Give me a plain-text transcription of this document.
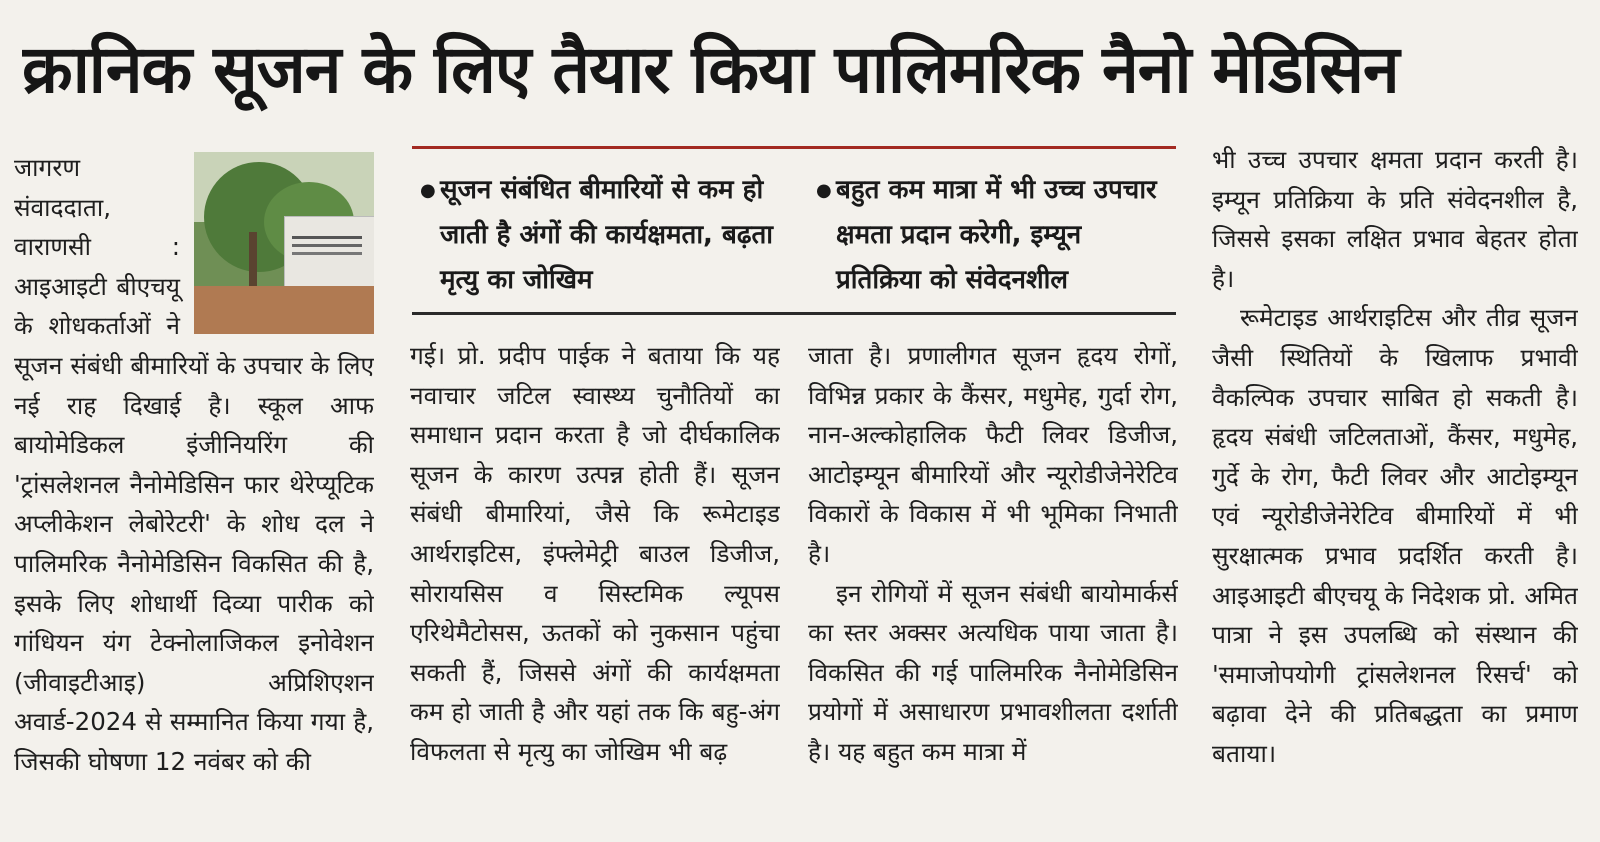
क्रानिक सूजन के लिए तैयार किया पालिमरिक नैनो मेडिसिन

जागरण संवाददाता, वाराणसी : आइआइटी बीएचयू के शोधकर्ताओं ने सूजन संबंधी बीमारियों के उपचार के लिए नई राह दिखाई है। स्कूल आफ बायोमेडिकल इंजीनियरिंग की 'ट्रांसलेशनल नैनोमेडिसिन फार थेरेप्यूटिक अप्लीकेशन लेबोरेटरी' के शोध दल ने पालिमरिक नैनोमेडिसिन विकसित की है, इसके लिए शोधार्थी दिव्या पारीक को गांधियन यंग टेक्नोलाजिकल इनोवेशन (जीवाइटीआइ) अप्रिशिएशन अवार्ड-2024 से सम्मानित किया गया है, जिसकी घोषणा 12 नवंबर को की

● सूजन संबंधित बीमारियों से कम हो जाती है अंगों की कार्यक्षमता, बढ़ता मृत्यु का जोखिम
● बहुत कम मात्रा में भी उच्च उपचार क्षमता प्रदान करेगी, इम्यून प्रतिक्रिया को संवेदनशील

गई। प्रो. प्रदीप पाईक ने बताया कि यह नवाचार जटिल स्वास्थ्य चुनौतियों का समाधान प्रदान करता है जो दीर्घकालिक सूजन के कारण उत्पन्न होती हैं। सूजन संबंधी बीमारियां, जैसे कि रूमेटाइड आर्थराइटिस, इंफ्लेमेट्री बाउल डिजीज, सोरायसिस व सिस्टमिक ल्यूपस एरिथेमैटोसस, ऊतकों को नुकसान पहुंचा सकती हैं, जिससे अंगों की कार्यक्षमता कम हो जाती है और यहां तक कि बहु-अंग विफलता से मृत्यु का जोखिम भी बढ़

जाता है। प्रणालीगत सूजन हृदय रोगों, विभिन्न प्रकार के कैंसर, मधुमेह, गुर्दा रोग, नान-अल्कोहालिक फैटी लिवर डिजीज, आटोइम्यून बीमारियों और न्यूरोडीजेनेरेटिव विकारों के विकास में भी भूमिका निभाती है।

इन रोगियों में सूजन संबंधी बायोमार्कर्स का स्तर अक्सर अत्यधिक पाया जाता है। विकसित की गई पालिमरिक नैनोमेडिसिन प्रयोगों में असाधारण प्रभावशीलता दर्शाती है। यह बहुत कम मात्रा में

भी उच्च उपचार क्षमता प्रदान करती है। इम्यून प्रतिक्रिया के प्रति संवेदनशील है, जिससे इसका लक्षित प्रभाव बेहतर होता है।

रूमेटाइड आर्थराइटिस और तीव्र सूजन जैसी स्थितियों के खिलाफ प्रभावी वैकल्पिक उपचार साबित हो सकती है। हृदय संबंधी जटिलताओं, कैंसर, मधुमेह, गुर्दे के रोग, फैटी लिवर और आटोइम्यून एवं न्यूरोडीजेनेरेटिव बीमारियों में भी सुरक्षात्मक प्रभाव प्रदर्शित करती है। आइआइटी बीएचयू के निदेशक प्रो. अमित पात्रा ने इस उपलब्धि को संस्थान की 'समाजोपयोगी ट्रांसलेशनल रिसर्च' को बढ़ावा देने की प्रतिबद्धता का प्रमाण बताया।
